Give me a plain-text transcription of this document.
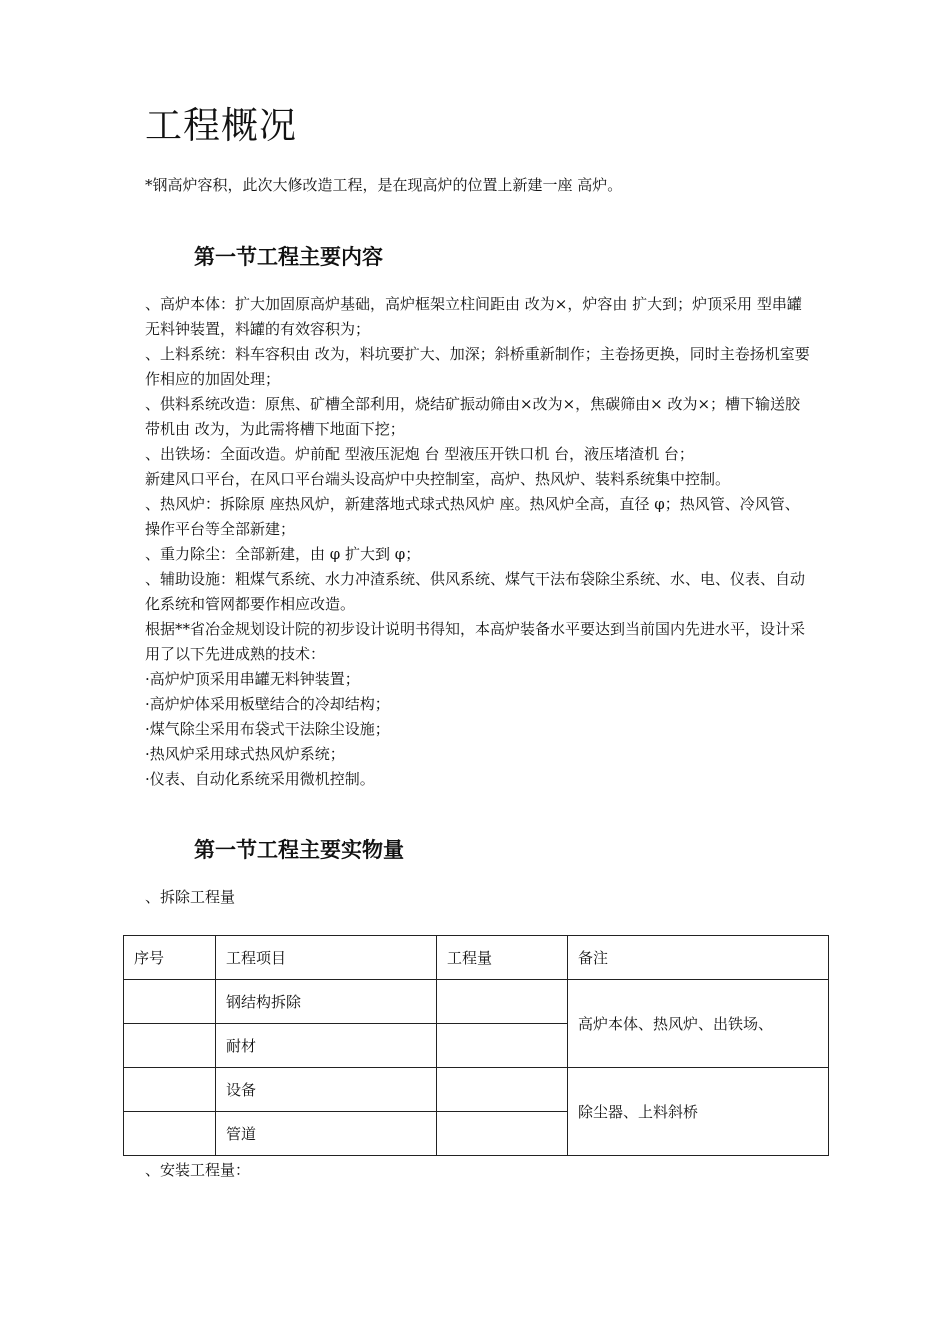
工程概况

*钢高炉容积，此次大修改造工程，是在现高炉的位置上新建一座 高炉。

第一节工程主要内容

、高炉本体：扩大加固原高炉基础，高炉框架立柱间距由 改为×，炉容由 扩大到；炉顶采用 型串罐无料钟装置，料罐的有效容积为；

、上料系统：料车容积由 改为，料坑要扩大、加深；斜桥重新制作；主卷扬更换，同时主卷扬机室要作相应的加固处理；

、供料系统改造：原焦、矿槽全部利用，烧结矿振动筛由×改为×，焦碳筛由× 改为×；槽下输送胶带机由 改为，为此需将槽下地面下挖；

、出铁场：全面改造。炉前配 型液压泥炮 台 型液压开铁口机 台，液压堵渣机 台；

新建风口平台，在风口平台端头设高炉中央控制室，高炉、热风炉、装料系统集中控制。

、热风炉：拆除原 座热风炉，新建落地式球式热风炉 座。热风炉全高，直径 φ；热风管、冷风管、操作平台等全部新建；

、重力除尘：全部新建，由 φ 扩大到 φ；

、辅助设施：粗煤气系统、水力冲渣系统、供风系统、煤气干法布袋除尘系统、水、电、仪表、自动化系统和管网都要作相应改造。

根据**省冶金规划设计院的初步设计说明书得知，本高炉装备水平要达到当前国内先进水平，设计采用了以下先进成熟的技术：

·高炉炉顶采用串罐无料钟装置；

·高炉炉体采用板壁结合的冷却结构；

·煤气除尘采用布袋式干法除尘设施；

·热风炉采用球式热风炉系统；

·仪表、自动化系统采用微机控制。

第一节工程主要实物量

、拆除工程量

序号	工程项目	工程量	备注
	钢结构拆除		高炉本体、热风炉、出铁场、
	耐材		
	设备		除尘器、上料斜桥
	管道		

、安装工程量：
